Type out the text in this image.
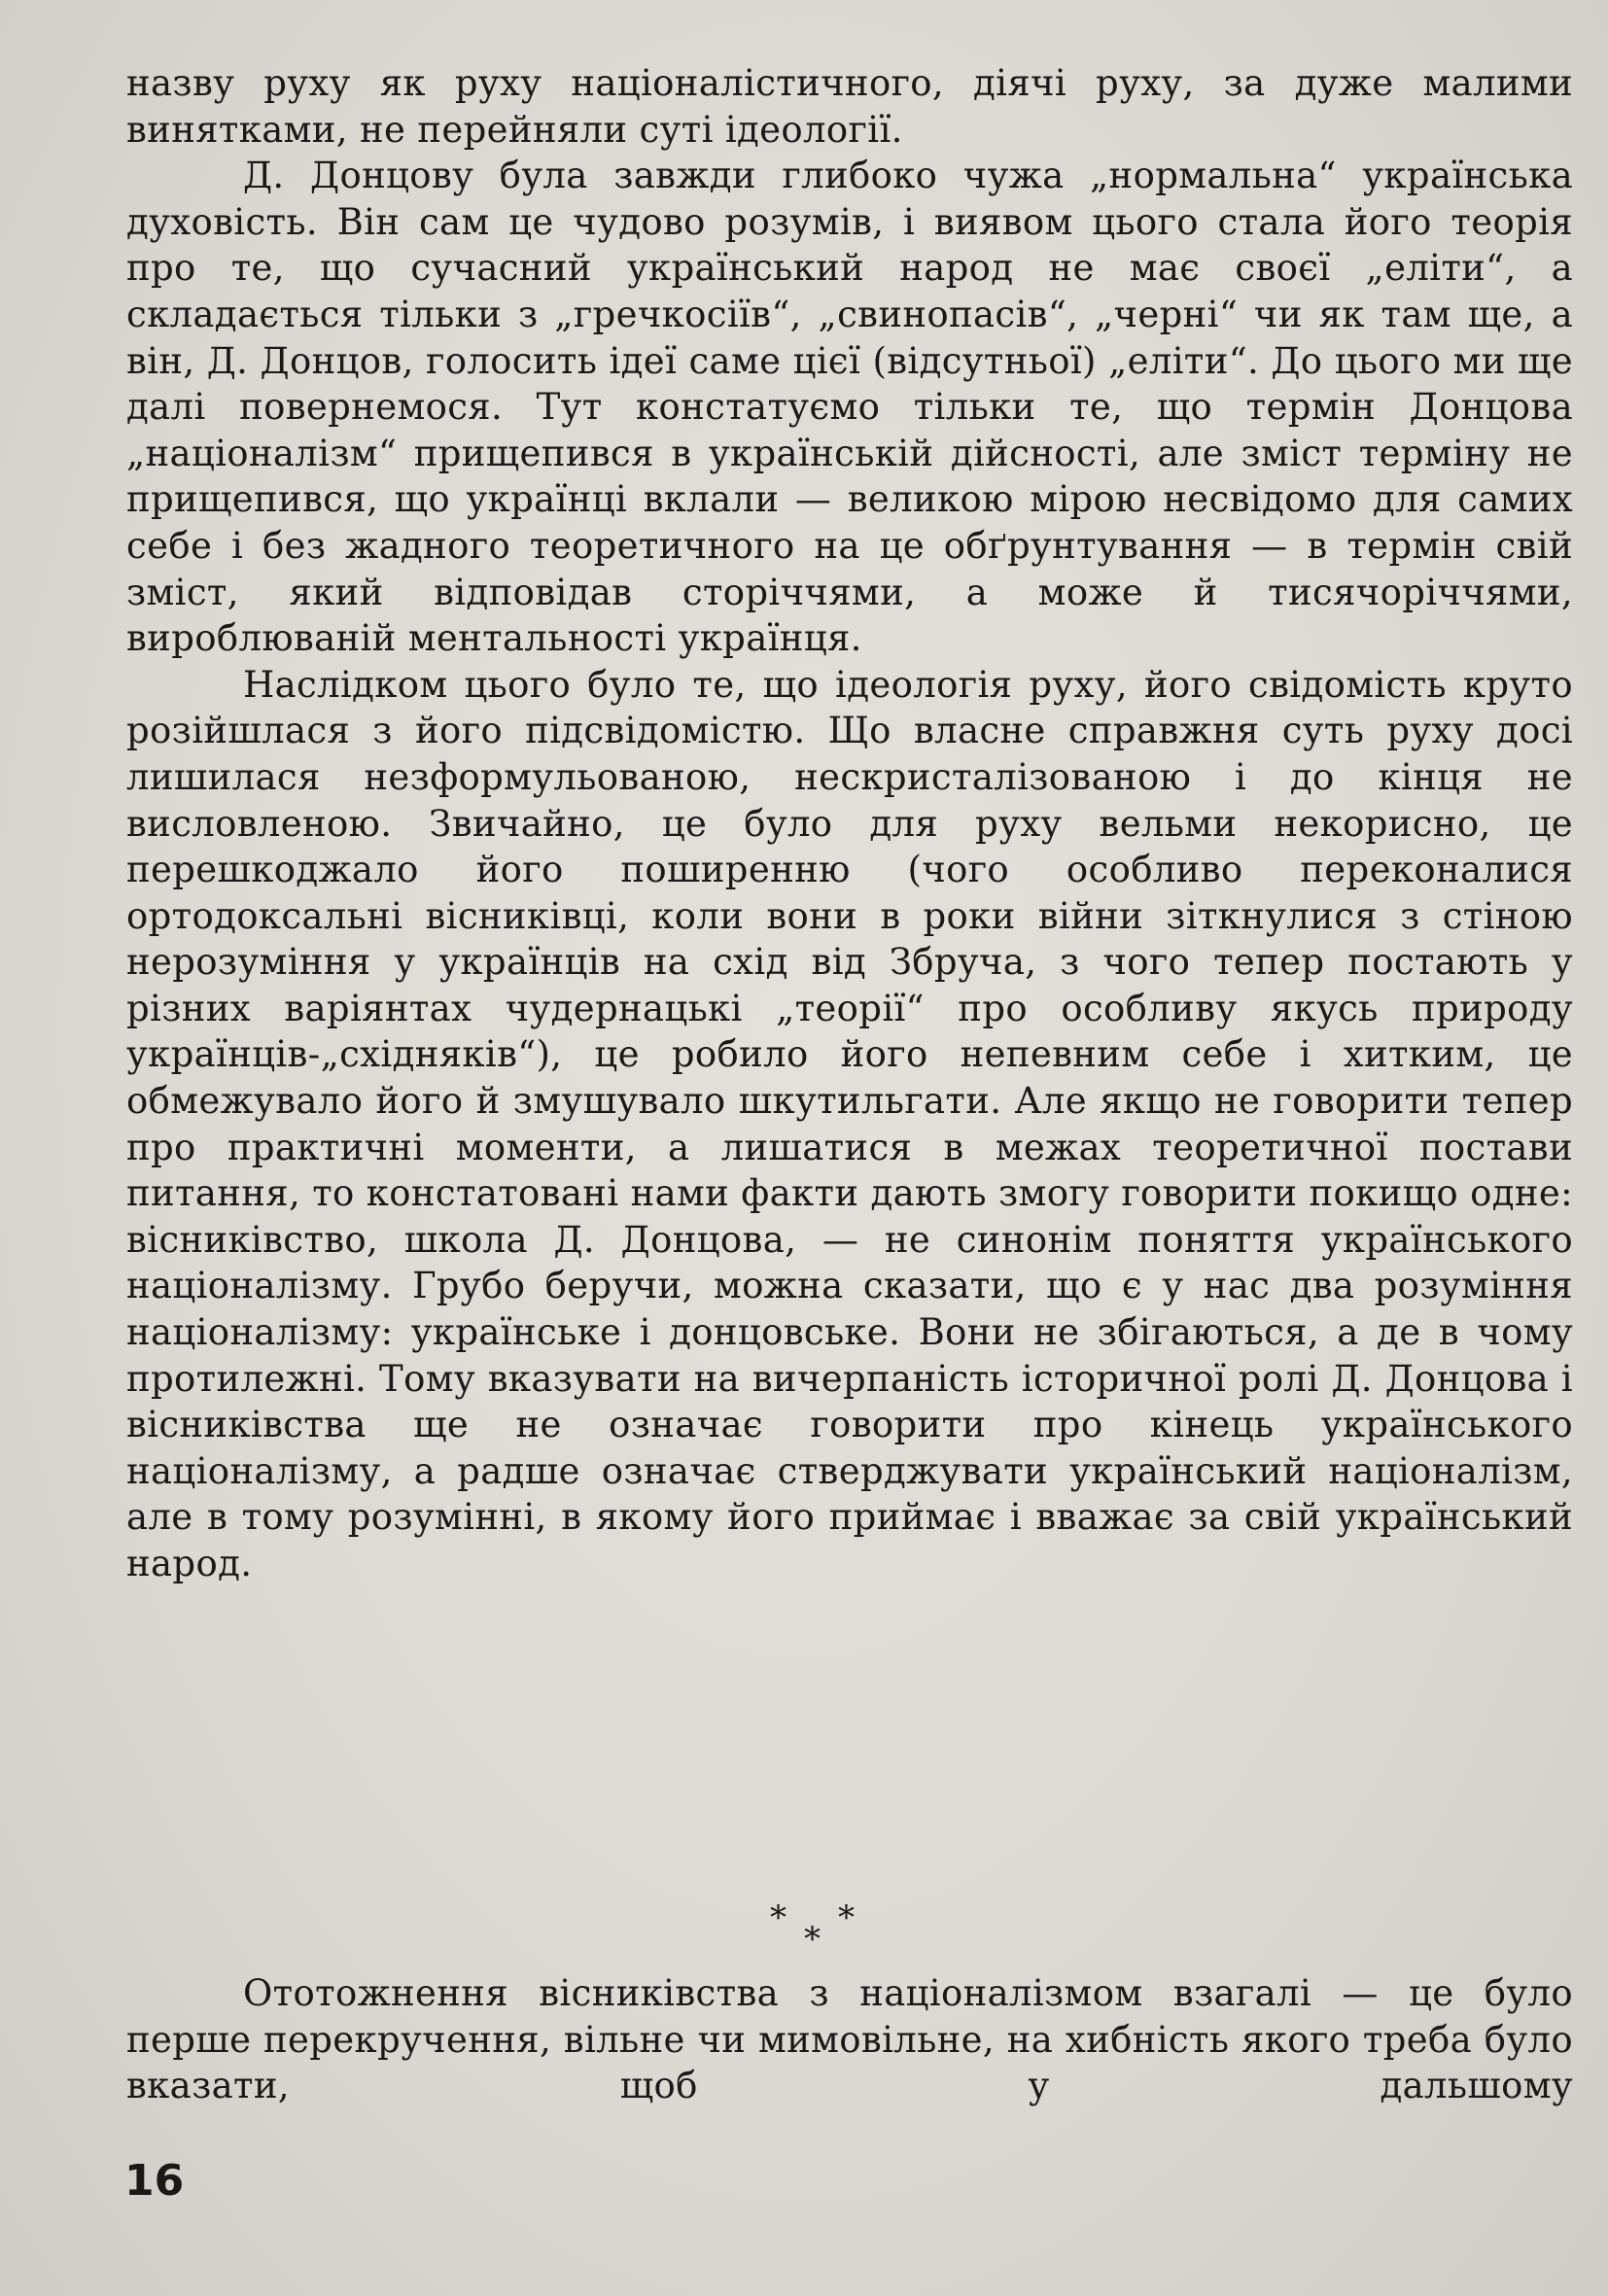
назву руху як руху націоналістичного, діячі руху, за дуже малими винятками, не перейняли суті ідеології.

Д. Донцову була завжди глибоко чужа „нормальна“ українська духовість. Він сам це чудово розумів, і виявом цього стала його теорія про те, що сучасний український народ не має своєї „еліти“, а складається тільки з „гречкосіїв“, „свинопасів“, „черні“ чи як там ще, а він, Д. Донцов, голосить ідеї саме цієї (відсутньої) „еліти“. До цього ми ще далі повернемося. Тут констатуємо тільки те, що термін Донцова „націоналізм“ прищепився в українській дійсності, але зміст терміну не прищепився, що українці вклали — великою мірою несвідомо для самих себе і без жадного теоретичного на це обґрунтування — в термін свій зміст, який відповідав сторіччями, а може й тисячоріччями, вироблюваній ментальності українця.

Наслідком цього було те, що ідеологія руху, його свідомість круто розійшлася з його підсвідомістю. Що власне справжня суть руху досі лишилася незформульованою, нескристалізованою і до кінця не висловленою. Звичайно, це було для руху вельми некорисно, це перешкоджало його поширенню (чого особливо переконалися ортодоксальні вісниківці, коли вони в роки війни зіткнулися з стіною нерозуміння у українців на схід від Збруча, з чого тепер постають у різних варіянтах чудернацькі „теорії“ про особливу якусь природу українців-„східняків“), це робило його непевним себе і хитким, це обмежувало його й змушувало шкутильгати. Але якщо не говорити тепер про практичні моменти, а лишатися в межах теоретичної постави питання, то констатовані нами факти дають змогу говорити покищо одне: вісниківство, школа Д. Донцова, — не синонім поняття українського націоналізму. Грубо беручи, можна сказати, що є у нас два розуміння націоналізму: українське і донцовське. Вони не збігаються, а де в чому протилежні. Тому вказувати на вичерпаність історичної ролі Д. Донцова і вісниківства ще не означає говорити про кінець українського націоналізму, а радше означає стверджувати український націоналізм, але в тому розумінні, в якому його приймає і вважає за свій український народ.

* *
*

Ототожнення вісниківства з націоналізмом взагалі — це було перше перекручення, вільне чи мимовільне, на хибність якого треба було вказати, щоб у дальшому

16
